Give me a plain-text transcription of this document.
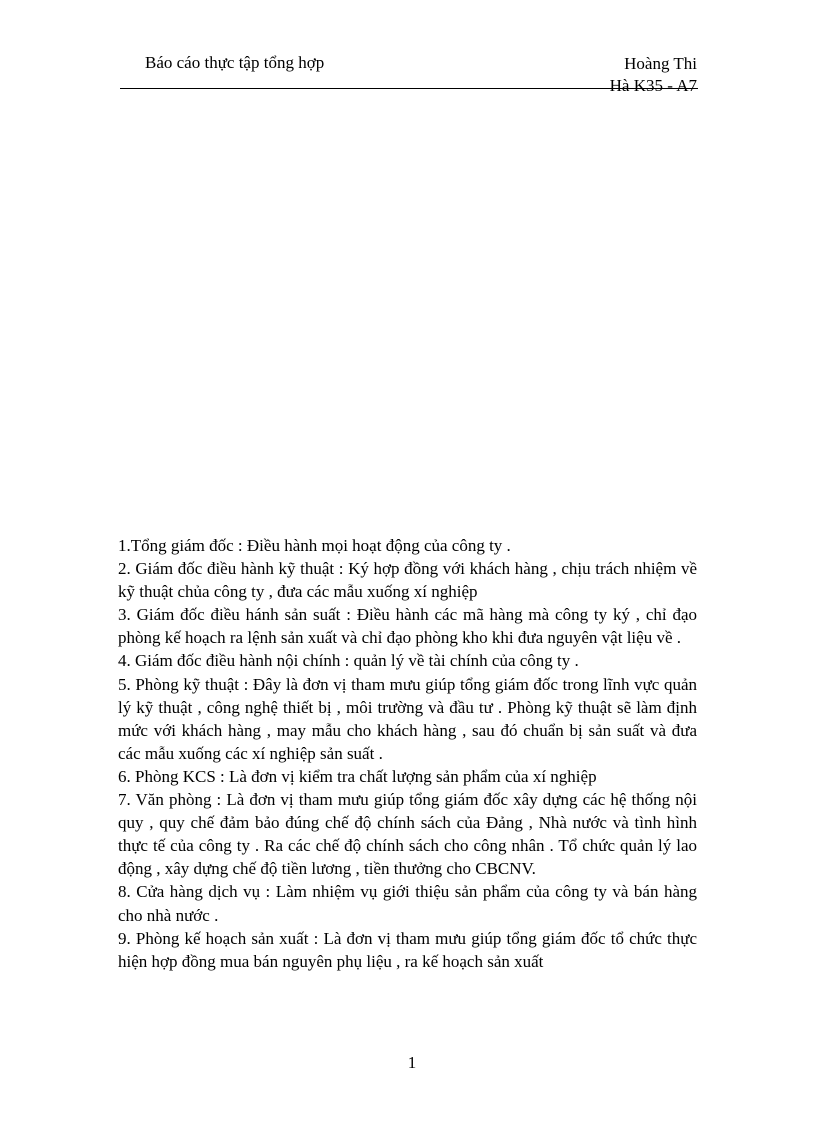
Báo cáo thực tập tổng hợp	Hoàng Thi
Hà K35 - A7

1.Tổng giám đốc : Điều hành mọi hoạt động của công ty .

2. Giám đốc điều hành kỹ thuật : Ký hợp đồng với khách hàng , chịu trách nhiệm về kỹ thuật chủa công ty , đưa các mẫu xuống xí nghiệp

3. Giám đốc điều hánh sản suất : Điều hành các mã hàng mà công ty ký , chỉ đạo phòng kế hoạch ra lệnh sản xuất và chỉ đạo phòng kho khi đưa nguyên vật liệu về .

4. Giám đốc điều hành nội chính : quản lý về tài chính của công ty .

5. Phòng kỹ thuật : Đây là đơn vị tham mưu giúp tổng giám đốc trong lĩnh vực quản lý kỹ thuật , công nghệ thiết bị , môi trường và đầu tư . Phòng kỹ thuật sẽ làm định mức với khách hàng , may mẫu cho khách hàng , sau đó chuẩn bị sản suất và đưa các mẫu xuống các xí nghiệp sản suất .

6. Phòng KCS : Là đơn vị kiểm tra chất lượng sản phẩm của xí nghiệp

7. Văn phòng : Là đơn vị tham mưu giúp tổng giám đốc xây dựng các hệ thống nội quy , quy chế đảm bảo đúng chế độ chính sách của Đảng , Nhà nước và tình hình thực tế của công ty . Ra các chế độ chính sách cho công nhân . Tổ chức quản lý lao động , xây dựng chế độ tiền lương , tiền thưởng cho CBCNV.

8. Cửa hàng dịch vụ : Làm nhiệm vụ giới thiệu sản phẩm của công ty và bán hàng cho nhà nước .

9. Phòng kế hoạch sản xuất : Là đơn vị tham mưu giúp tổng giám đốc tổ chức thực hiện hợp đồng mua bán nguyên phụ liệu , ra kế hoạch sản xuất

1
